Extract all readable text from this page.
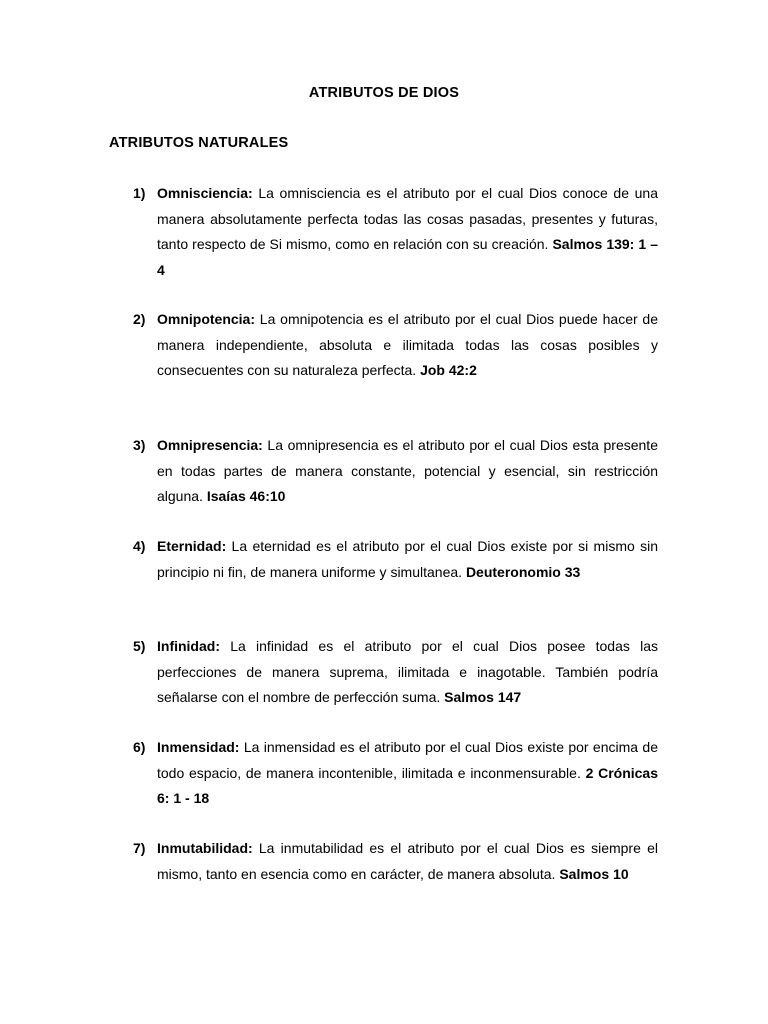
ATRIBUTOS DE DIOS
ATRIBUTOS NATURALES
1) Omnisciencia: La omnisciencia es el atributo por el cual Dios conoce de una manera absolutamente perfecta todas las cosas pasadas, presentes y futuras, tanto respecto de Si mismo, como en relación con su creación. Salmos 139: 1 – 4
2) Omnipotencia: La omnipotencia es el atributo por el cual Dios puede hacer de manera independiente, absoluta e ilimitada todas las cosas posibles y consecuentes con su naturaleza perfecta. Job 42:2
3) Omnipresencia: La omnipresencia es el atributo por el cual Dios esta presente en todas partes de manera constante, potencial y esencial, sin restricción alguna. Isaías 46:10
4) Eternidad: La eternidad es el atributo por el cual Dios existe por si mismo sin principio ni fin, de manera uniforme y simultanea. Deuteronomio 33
5) Infinidad: La infinidad es el atributo por el cual Dios posee todas las perfecciones de manera suprema, ilimitada e inagotable. También podría señalarse con el nombre de perfección suma. Salmos 147
6) Inmensidad: La inmensidad es el atributo por el cual Dios existe por encima de todo espacio, de manera incontenible, ilimitada e inconmensurable. 2 Crónicas 6: 1 - 18
7) Inmutabilidad: La inmutabilidad es el atributo por el cual Dios es siempre el mismo, tanto en esencia como en carácter, de manera absoluta. Salmos 10
